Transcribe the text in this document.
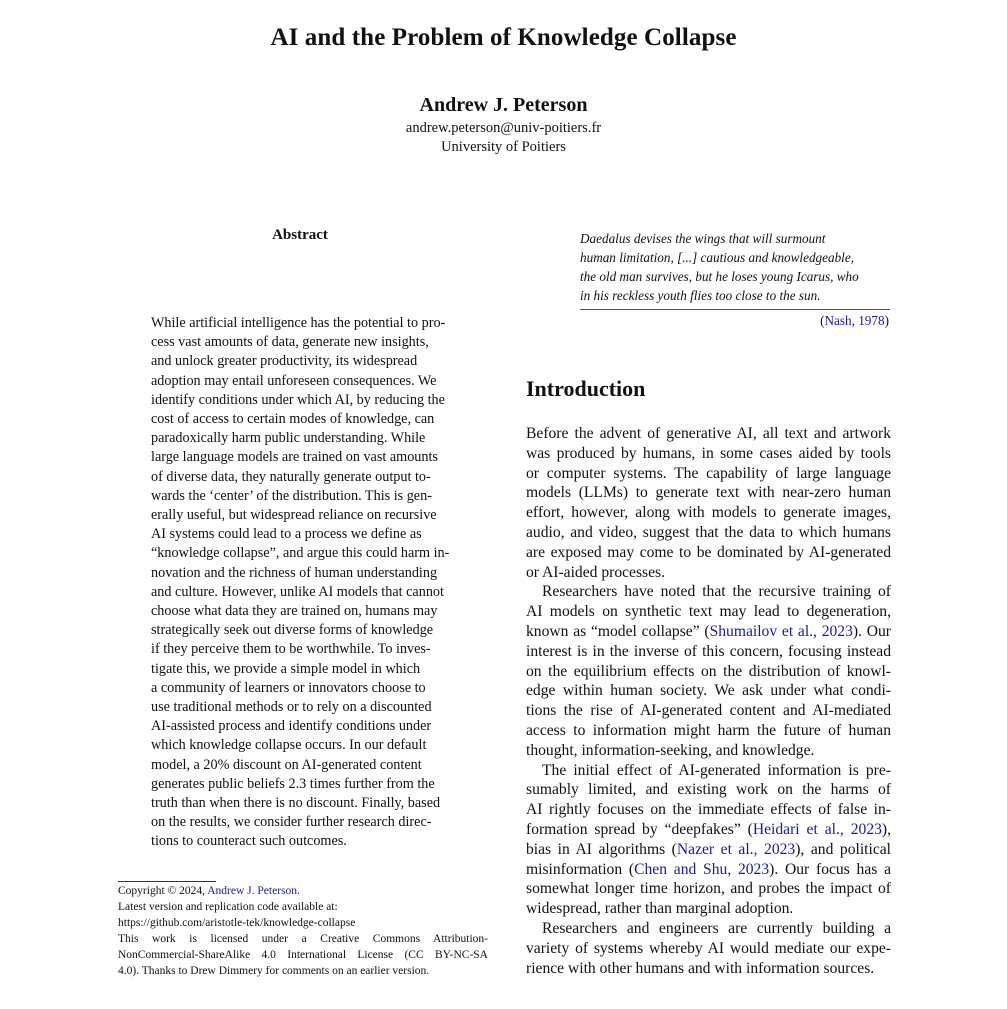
AI and the Problem of Knowledge Collapse
Andrew J. Peterson
andrew.peterson@univ-poitiers.fr
University of Poitiers
Abstract
While artificial intelligence has the potential to pro-
cess vast amounts of data, generate new insights,
and unlock greater productivity, its widespread
adoption may entail unforeseen consequences. We
identify conditions under which AI, by reducing the
cost of access to certain modes of knowledge, can
paradoxically harm public understanding. While
large language models are trained on vast amounts
of diverse data, they naturally generate output to-
wards the ‘center’ of the distribution. This is gen-
erally useful, but widespread reliance on recursive
AI systems could lead to a process we define as
“knowledge collapse”, and argue this could harm in-
novation and the richness of human understanding
and culture. However, unlike AI models that cannot
choose what data they are trained on, humans may
strategically seek out diverse forms of knowledge
if they perceive them to be worthwhile. To inves-
tigate this, we provide a simple model in which
a community of learners or innovators choose to
use traditional methods or to rely on a discounted
AI-assisted process and identify conditions under
which knowledge collapse occurs. In our default
model, a 20% discount on AI-generated content
generates public beliefs 2.3 times further from the
truth than when there is no discount. Finally, based
on the results, we consider further research direc-
tions to counteract such outcomes.
Copyright © 2024, Andrew J. Peterson.
Latest version and replication code available at:
https://github.com/aristotle-tek/knowledge-collapse
This work is licensed under a Creative Commons Attribution-
NonCommercial-ShareAlike 4.0 International License (CC BY-NC-SA
4.0). Thanks to Drew Dimmery for comments on an earlier version.
Daedalus devises the wings that will surmount
human limitation, [...] cautious and knowledgeable,
the old man survives, but he loses young Icarus, who
in his reckless youth flies too close to the sun.
(Nash, 1978)
Introduction
Before the advent of generative AI, all text and artwork
was produced by humans, in some cases aided by tools
or computer systems. The capability of large language
models (LLMs) to generate text with near-zero human
effort, however, along with models to generate images,
audio, and video, suggest that the data to which humans
are exposed may come to be dominated by AI-generated
or AI-aided processes.
Researchers have noted that the recursive training of
AI models on synthetic text may lead to degeneration,
known as “model collapse” (Shumailov et al., 2023). Our
interest is in the inverse of this concern, focusing instead
on the equilibrium effects on the distribution of knowl-
edge within human society. We ask under what condi-
tions the rise of AI-generated content and AI-mediated
access to information might harm the future of human
thought, information-seeking, and knowledge.
The initial effect of AI-generated information is pre-
sumably limited, and existing work on the harms of
AI rightly focuses on the immediate effects of false in-
formation spread by “deepfakes” (Heidari et al., 2023),
bias in AI algorithms (Nazer et al., 2023), and political
misinformation (Chen and Shu, 2023). Our focus has a
somewhat longer time horizon, and probes the impact of
widespread, rather than marginal adoption.
Researchers and engineers are currently building a
variety of systems whereby AI would mediate our expe-
rience with other humans and with information sources.
